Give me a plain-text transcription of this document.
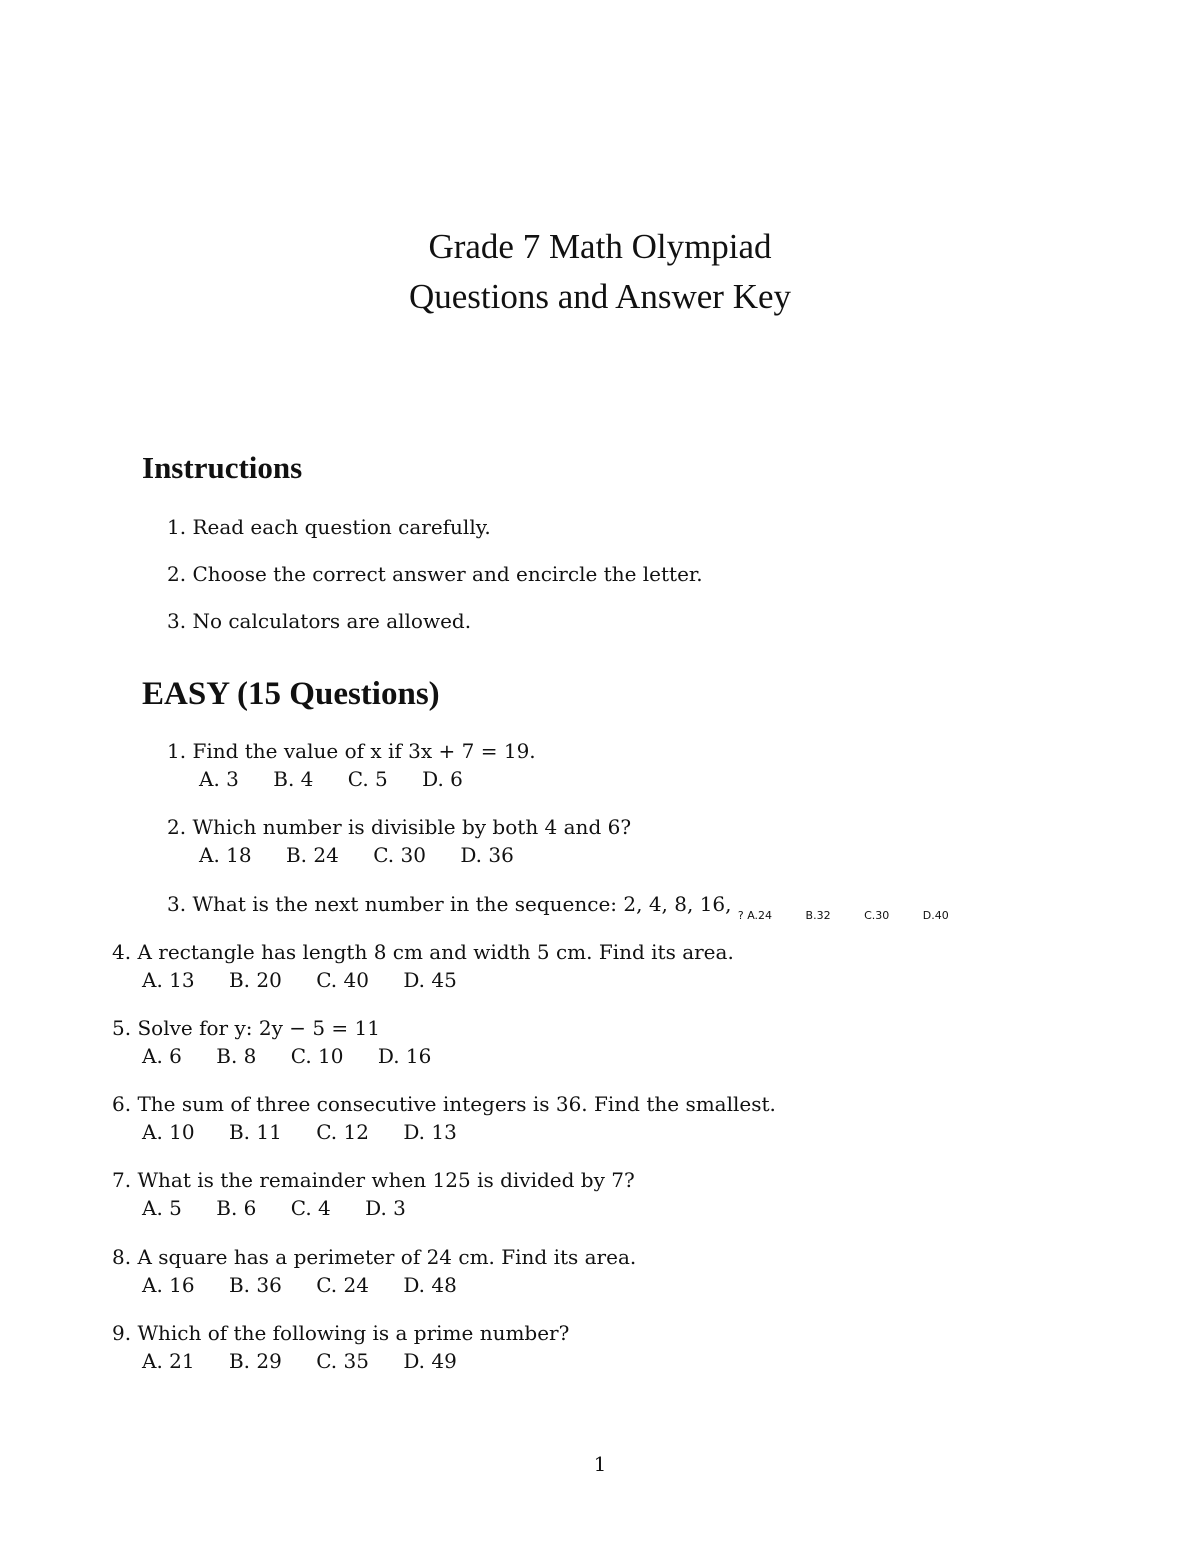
Grade 7 Math Olympiad
Questions and Answer Key
Instructions
1. Read each question carefully.
2. Choose the correct answer and encircle the letter.
3. No calculators are allowed.
EASY (15 Questions)
1. Find the value of x if 3x + 7 = 19.
A. 3 B. 4 C. 5 D. 6
2. Which number is divisible by both 4 and 6?
A. 18 B. 24 C. 30 D. 36
3. What is the next number in the sequence: 2, 4, 8, 16, $_{? A.24 B.32 C.30 D.40}$
4. A rectangle has length 8 cm and width 5 cm. Find its area.
A. 13 B. 20 C. 40 D. 45
5. Solve for y: 2y − 5 = 11
A. 6 B. 8 C. 10 D. 16
6. The sum of three consecutive integers is 36. Find the smallest.
A. 10 B. 11 C. 12 D. 13
7. What is the remainder when 125 is divided by 7?
A. 5 B. 6 C. 4 D. 3
8. A square has a perimeter of 24 cm. Find its area.
A. 16 B. 36 C. 24 D. 48
9. Which of the following is a prime number?
A. 21 B. 29 C. 35 D. 49
1
